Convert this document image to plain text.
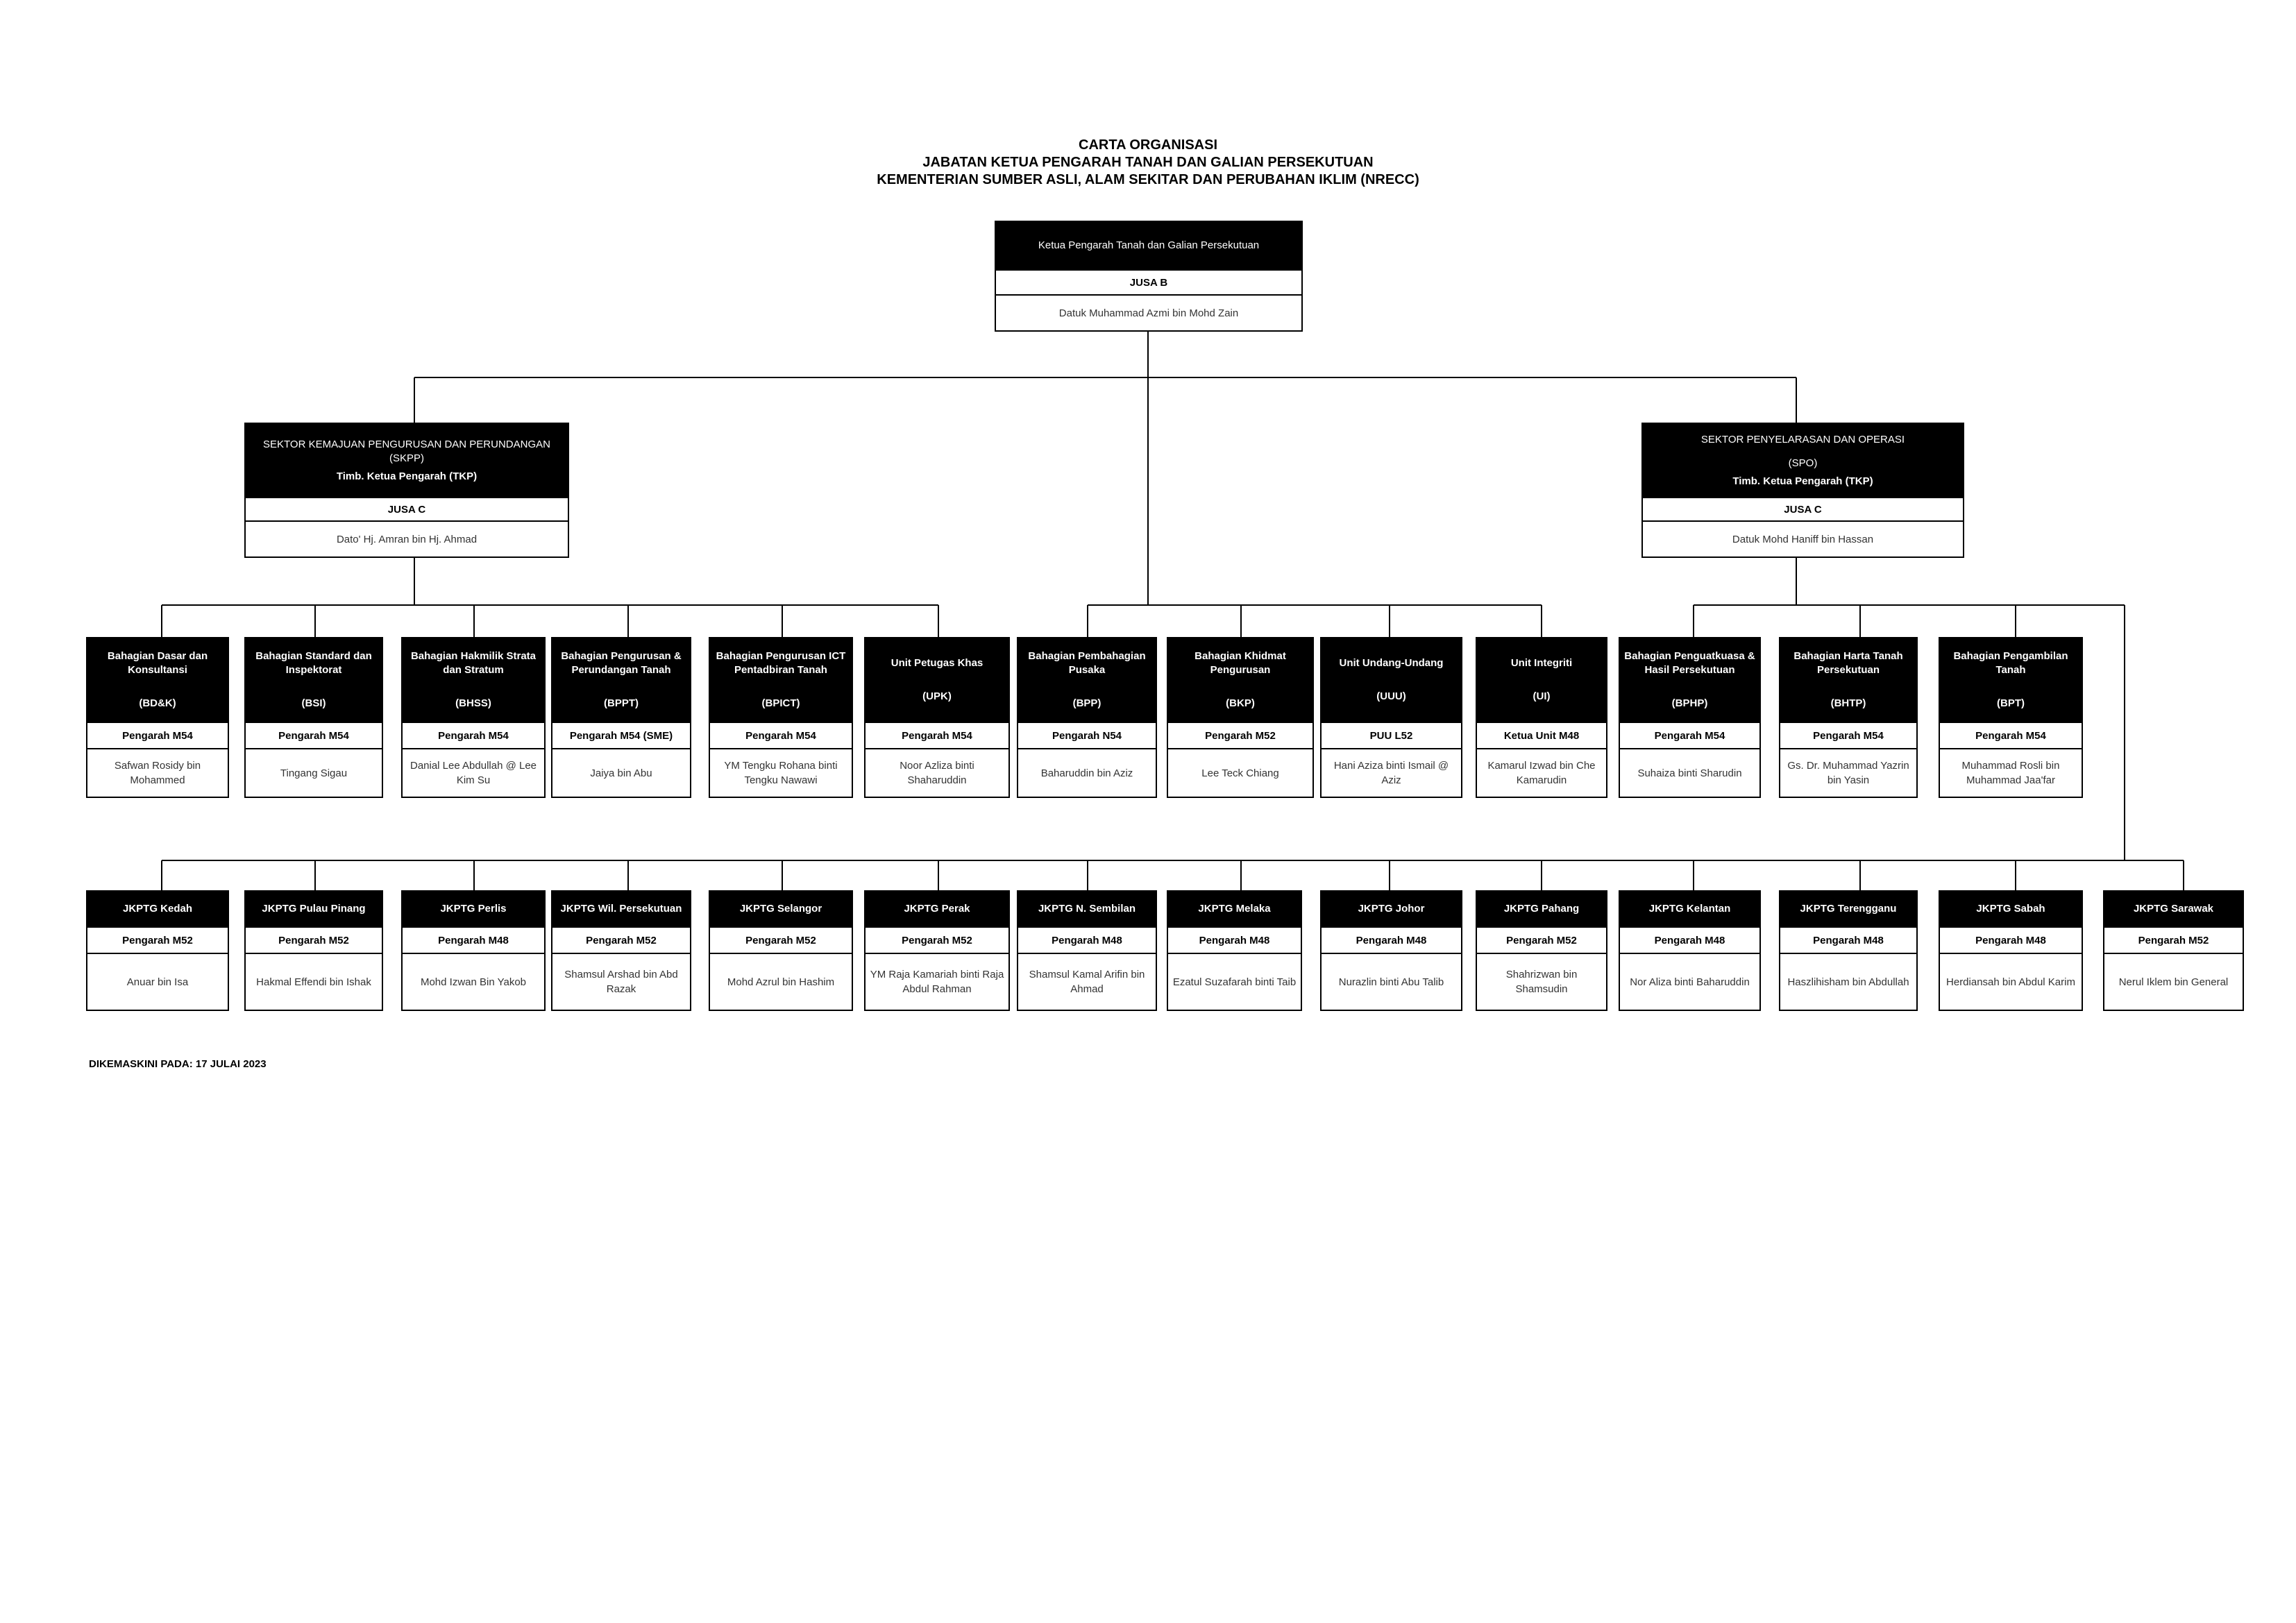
CARTA ORGANISASI
JABATAN KETUA PENGARAH TANAH DAN GALIAN PERSEKUTUAN
KEMENTERIAN SUMBER ASLI, ALAM SEKITAR DAN PERUBAHAN IKLIM (NRECC)
Ketua Pengarah Tanah dan Galian Persekutuan
JUSA B
Datuk Muhammad Azmi bin Mohd Zain
SEKTOR KEMAJUAN PENGURUSAN DAN PERUNDANGAN
(SKPP)
Timb. Ketua Pengarah (TKP)
JUSA C
Dato' Hj. Amran bin Hj. Ahmad
SEKTOR PENYELARASAN DAN OPERASI
(SPO)
Timb. Ketua Pengarah (TKP)
JUSA C
Datuk Mohd Haniff bin Hassan
Bahagian Dasar dan Konsultansi
(BD&K)
Pengarah M54
Safwan Rosidy bin Mohammed
Bahagian Standard dan Inspektorat
(BSI)
Pengarah M54
Tingang Sigau
Bahagian Hakmilik Strata dan Stratum
(BHSS)
Pengarah M54
Danial Lee Abdullah @ Lee Kim Su
Bahagian Pengurusan & Perundangan Tanah
(BPPT)
Pengarah M54 (SME)
Jaiya bin Abu
Bahagian Pengurusan ICT Pentadbiran Tanah
(BPICT)
Pengarah M54
YM Tengku Rohana binti Tengku Nawawi
Unit Petugas Khas
(UPK)
Pengarah M54
Noor Azliza binti Shaharuddin
Bahagian Pembahagian Pusaka
(BPP)
Pengarah N54
Baharuddin bin Aziz
Bahagian Khidmat Pengurusan
(BKP)
Pengarah M52
Lee Teck Chiang
Unit Undang-Undang
(UUU)
PUU L52
Hani Aziza binti Ismail @ Aziz
Unit Integriti
(UI)
Ketua Unit M48
Kamarul Izwad bin Che Kamarudin
Bahagian Penguatkuasa & Hasil Persekutuan
(BPHP)
Pengarah M54
Suhaiza binti Sharudin
Bahagian Harta Tanah Persekutuan
(BHTP)
Pengarah M54
Gs. Dr. Muhammad Yazrin bin Yasin
Bahagian Pengambilan Tanah
(BPT)
Pengarah M54
Muhammad Rosli bin Muhammad Jaa'far
JKPTG Kedah
Pengarah M52
Anuar bin Isa
JKPTG Pulau Pinang
Pengarah M52
Hakmal Effendi bin Ishak
JKPTG Perlis
Pengarah M48
Mohd Izwan Bin Yakob
JKPTG Wil. Persekutuan
Pengarah M52
Shamsul Arshad bin Abd Razak
JKPTG Selangor
Pengarah M52
Mohd Azrul bin Hashim
JKPTG Perak
Pengarah M52
YM Raja Kamariah binti Raja Abdul Rahman
JKPTG N. Sembilan
Pengarah M48
Shamsul Kamal Arifin bin Ahmad
JKPTG Melaka
Pengarah M48
Ezatul Suzafarah binti Taib
JKPTG Johor
Pengarah M48
Nurazlin binti Abu Talib
JKPTG Pahang
Pengarah M52
Shahrizwan bin Shamsudin
JKPTG Kelantan
Pengarah M48
Nor Aliza binti Baharuddin
JKPTG Terengganu
Pengarah M48
Haszlihisham bin Abdullah
JKPTG Sabah
Pengarah M48
Herdiansah bin Abdul Karim
JKPTG Sarawak
Pengarah M52
Nerul Iklem bin General
DIKEMASKINI PADA: 17 JULAI 2023
